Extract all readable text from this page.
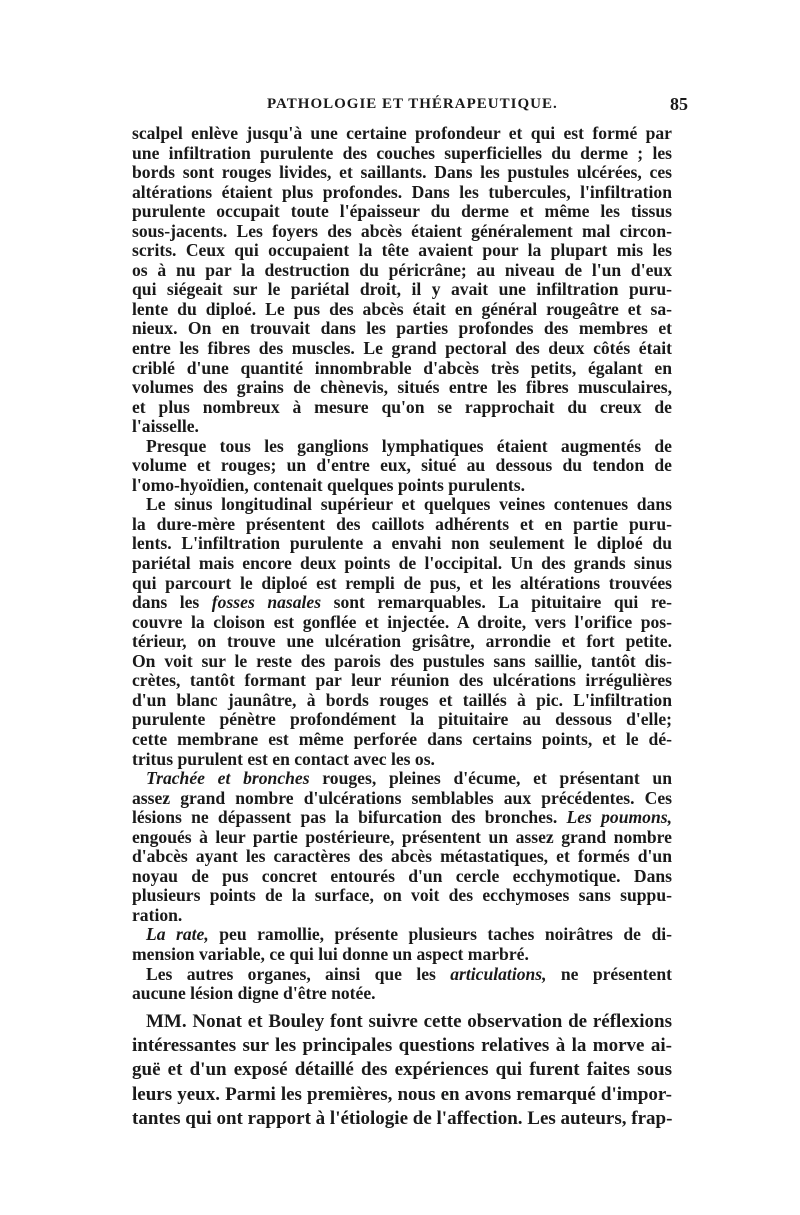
PATHOLOGIE ET THÉRAPEUTIQUE.	85
scalpel enlève jusqu'à une certaine profondeur et qui est formé par
une infiltration purulente des couches superficielles du derme ; les
bords sont rouges livides, et saillants. Dans les pustules ulcérées, ces
altérations étaient plus profondes. Dans les tubercules, l'infiltration
purulente occupait toute l'épaisseur du derme et même les tissus
sous-jacents. Les foyers des abcès étaient généralement mal circon-
scrits. Ceux qui occupaient la tête avaient pour la plupart mis les
os à nu par la destruction du péricrâne; au niveau de l'un d'eux
qui siégeait sur le pariétal droit, il y avait une infiltration puru-
lente du diploé. Le pus des abcès était en général rougeâtre et sa-
nieux. On en trouvait dans les parties profondes des membres et
entre les fibres des muscles. Le grand pectoral des deux côtés était
criblé d'une quantité innombrable d'abcès très petits, égalant en
volumes des grains de chènevis, situés entre les fibres musculaires,
et plus nombreux à mesure qu'on se rapprochait du creux de
l'aisselle.
Presque tous les ganglions lymphatiques étaient augmentés de
volume et rouges; un d'entre eux, situé au dessous du tendon de
l'omo-hyoïdien, contenait quelques points purulents.
Le sinus longitudinal supérieur et quelques veines contenues dans
la dure-mère présentent des caillots adhérents et en partie puru-
lents. L'infiltration purulente a envahi non seulement le diploé du
pariétal mais encore deux points de l'occipital. Un des grands sinus
qui parcourt le diploé est rempli de pus, et les altérations trouvées
dans les fosses nasales sont remarquables. La pituitaire qui re-
couvre la cloison est gonflée et injectée. A droite, vers l'orifice pos-
térieur, on trouve une ulcération grisâtre, arrondie et fort petite.
On voit sur le reste des parois des pustules sans saillie, tantôt dis-
crètes, tantôt formant par leur réunion des ulcérations irrégulières
d'un blanc jaunâtre, à bords rouges et taillés à pic. L'infiltration
purulente pénètre profondément la pituitaire au dessous d'elle;
cette membrane est même perforée dans certains points, et le dé-
tritus purulent est en contact avec les os.
Trachée et bronches rouges, pleines d'écume, et présentant un
assez grand nombre d'ulcérations semblables aux précédentes. Ces
lésions ne dépassent pas la bifurcation des bronches. Les poumons,
engoués à leur partie postérieure, présentent un assez grand nombre
d'abcès ayant les caractères des abcès métastatiques, et formés d'un
noyau de pus concret entourés d'un cercle ecchymotique. Dans
plusieurs points de la surface, on voit des ecchymoses sans suppu-
ration.
La rate, peu ramollie, présente plusieurs taches noirâtres de di-
mension variable, ce qui lui donne un aspect marbré.
Les autres organes, ainsi que les articulations, ne présentent
aucune lésion digne d'être notée.
MM. Nonat et Bouley font suivre cette observation de réflexions
intéressantes sur les principales questions relatives à la morve ai-
guë et d'un exposé détaillé des expériences qui furent faites sous
leurs yeux. Parmi les premières, nous en avons remarqué d'impor-
tantes qui ont rapport à l'étiologie de l'affection. Les auteurs, frap-
